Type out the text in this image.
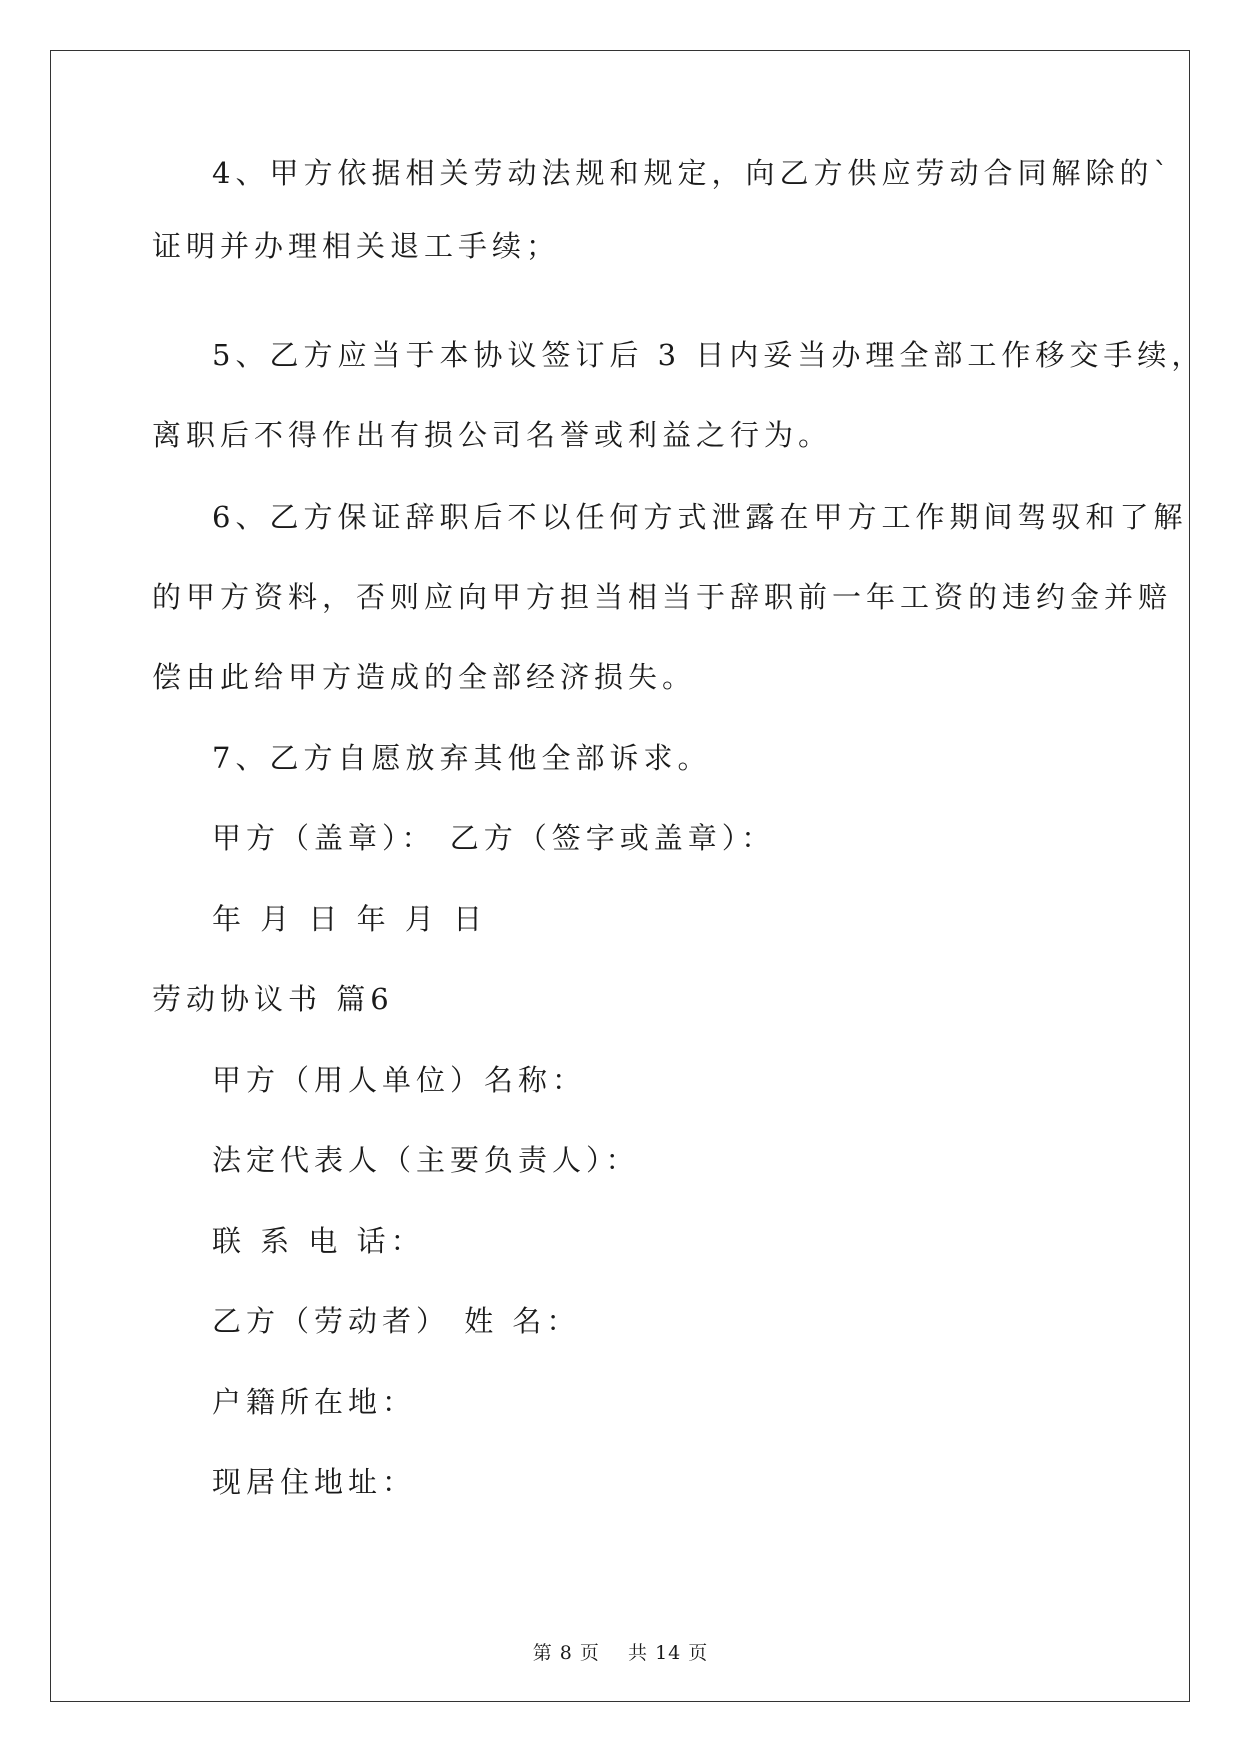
4、甲方依据相关劳动法规和规定，向乙方供应劳动合同解除的`
证明并办理相关退工手续；
5、乙方应当于本协议签订后 3 日内妥当办理全部工作移交手续，
离职后不得作出有损公司名誉或利益之行为。
6、乙方保证辞职后不以任何方式泄露在甲方工作期间驾驭和了解
的甲方资料，否则应向甲方担当相当于辞职前一年工资的违约金并赔
偿由此给甲方造成的全部经济损失。
7、乙方自愿放弃其他全部诉求。
甲方（盖章）： 乙方（签字或盖章）：
年 月 日 年 月 日
劳动协议书 篇6
甲方（用人单位）名称：
法定代表人（主要负责人）：
联 系 电 话：
乙方（劳动者） 姓 名：
户籍所在地：
现居住地址：
第 8 页    共 14 页
